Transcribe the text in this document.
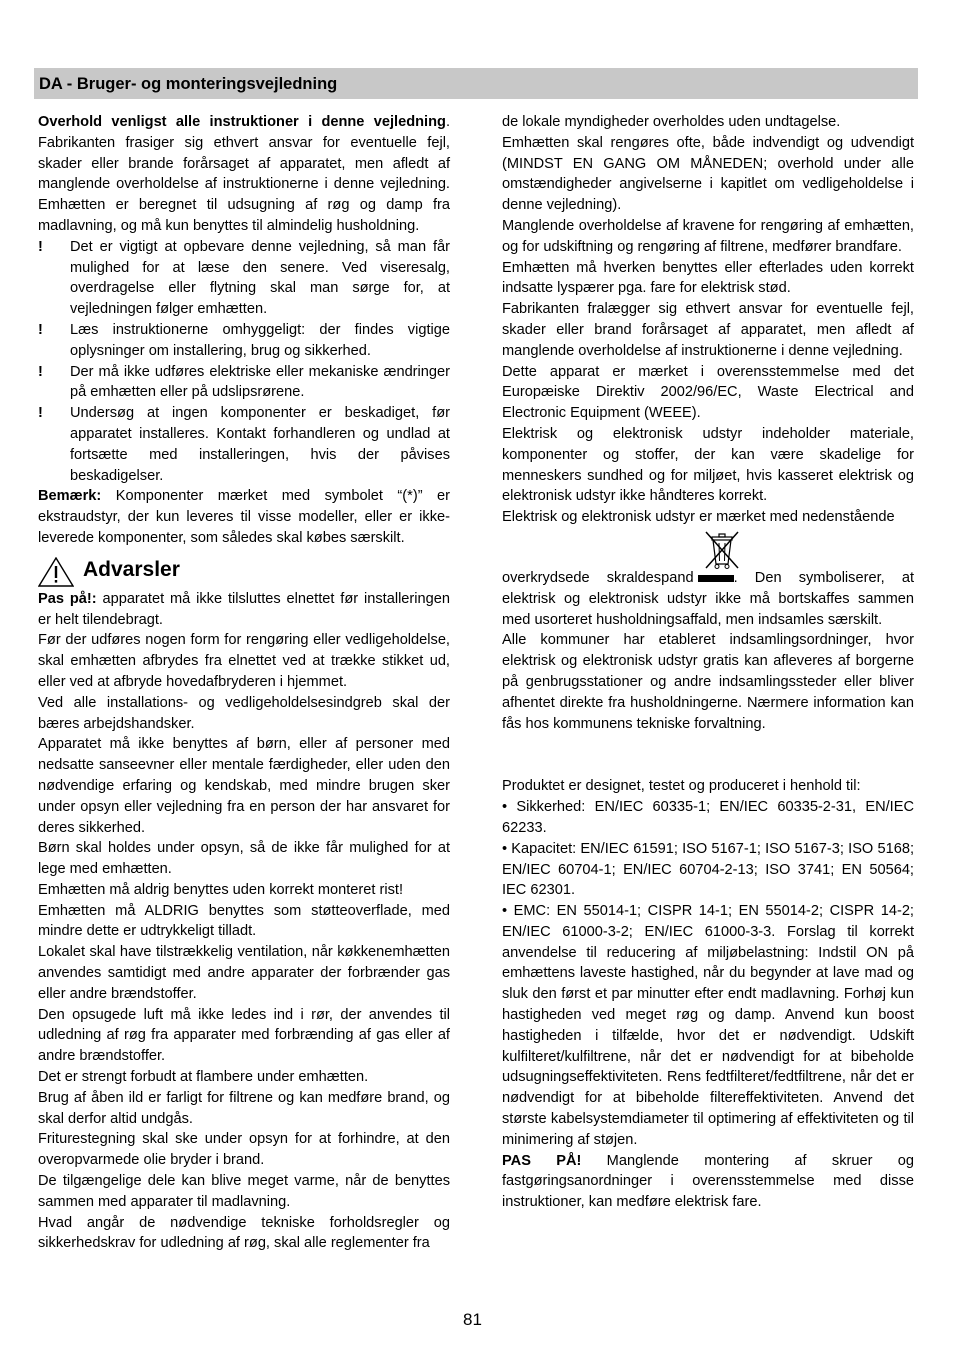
DA - Bruger- og monteringsvejledning

Overhold venligst alle instruktioner i denne vejledning. Fabrikanten frasiger sig ethvert ansvar for eventuelle fejl, skader eller brande forårsaget af apparatet, men afledt af manglende overholdelse af instruktionerne i denne vejledning. Emhætten er beregnet til udsugning af røg og damp fra madlavning, og må kun benyttes til almindelig husholdning.

! Det er vigtigt at opbevare denne vejledning, så man får mulighed for at læse den senere. Ved viseresalg, overdragelse eller flytning skal man sørge for, at vejledningen følger emhætten.

! Læs instruktionerne omhyggeligt: der findes vigtige oplysninger om installering, brug og sikkerhed.

! Der må ikke udføres elektriske eller mekaniske ændringer på emhætten eller på udslipsrørene.

! Undersøg at ingen komponenter er beskadiget, før apparatet installeres. Kontakt forhandleren og undlad at fortsætte med installeringen, hvis der påvises beskadigelser.

Bemærk: Komponenter mærket med symbolet “(*)” er ekstraudstyr, der kun leveres til visse modeller, eller er ikke-leverede komponenter, som således skal købes særskilt.

Advarsler

Pas på!: apparatet må ikke tilsluttes elnettet før installeringen er helt tilendebragt.

Før der udføres nogen form for rengøring eller vedligeholdelse, skal emhætten afbrydes fra elnettet ved at trække stikket ud, eller ved at afbryde hovedafbryderen i hjemmet.

Ved alle installations- og vedligeholdelsesindgreb skal der bæres arbejdshandsker.

Apparatet må ikke benyttes af børn, eller af personer med nedsatte sanseevner eller mentale færdigheder, eller uden den nødvendige erfaring og kendskab, med mindre brugen sker under opsyn eller vejledning fra en person der har ansvaret for deres sikkerhed.

Børn skal holdes under opsyn, så de ikke får mulighed for at lege med emhætten.

Emhætten må aldrig benyttes uden korrekt monteret rist!

Emhætten må ALDRIG benyttes som støtteoverflade, med mindre dette er udtrykkeligt tilladt.

Lokalet skal have tilstrækkelig ventilation, når køkkenemhætten anvendes samtidigt med andre apparater der forbrænder gas eller andre brændstoffer.

Den opsugede luft må ikke ledes ind i rør, der anvendes til udledning af røg fra apparater med forbrænding af gas eller af andre brændstoffer.

Det er strengt forbudt at flambere under emhætten.

Brug af åben ild er farligt for filtrene og kan medføre brand, og skal derfor altid undgås.

Friturestegning skal ske under opsyn for at forhindre, at den overopvarmede olie bryder i brand.

De tilgængelige dele kan blive meget varme, når de benyttes sammen med apparater til madlavning.

Hvad angår de nødvendige tekniske forholdsregler og sikkerhedskrav for udledning af røg, skal alle reglementer fra

de lokale myndigheder overholdes uden undtagelse.

Emhætten skal rengøres ofte, både indvendigt og udvendigt (MINDST EN GANG OM MÅNEDEN; overhold under alle omstændigheder angivelserne i kapitlet om vedligeholdelse i denne vejledning).

Manglende overholdelse af kravene for rengøring af emhætten, og for udskiftning og rengøring af filtrene, medfører brandfare.

Emhætten må hverken benyttes eller efterlades uden korrekt indsatte lyspærer pga. fare for elektrisk stød.

Fabrikanten fralægger sig ethvert ansvar for eventuelle fejl, skader eller brand forårsaget af apparatet, men afledt af manglende overholdelse af instruktionerne i denne vejledning.

Dette apparat er mærket i overensstemmelse med det Europæiske Direktiv 2002/96/EC, Waste Electrical and Electronic Equipment (WEEE).

Elektrisk og elektronisk udstyr indeholder materiale, komponenter og stoffer, der kan være skadelige for menneskers sundhed og for miljøet, hvis kasseret elektrisk og elektronisk udstyr ikke håndteres korrekt.

Elektrisk og elektronisk udstyr er mærket med nedenstående

overkrydsede skraldespand	. Den symboliserer, at elektrisk og elektronisk udstyr ikke må bortskaffes sammen med usorteret husholdningsaffald, men indsamles særskilt.

Alle kommuner har etableret indsamlingsordninger, hvor elektrisk og elektronisk udstyr gratis kan afleveres af borgerne på genbrugsstationer og andre indsamlingssteder eller bliver afhentet direkte fra husholdningerne. Nærmere information kan fås hos kommunens tekniske forvaltning.

Produktet er designet, testet og produceret i henhold til:

• Sikkerhed: EN/IEC 60335-1; EN/IEC 60335-2-31, EN/IEC 62233.

• Kapacitet: EN/IEC 61591; ISO 5167-1; ISO 5167-3; ISO 5168; EN/IEC 60704-1; EN/IEC 60704-2-13; ISO 3741; EN 50564; IEC 62301.

• EMC: EN 55014-1; CISPR 14-1; EN 55014-2; CISPR 14-2; EN/IEC 61000-3-2; EN/IEC 61000-3-3. Forslag til korrekt anvendelse til reducering af miljøbelastning: Indstil ON på emhættens laveste hastighed, når du begynder at lave mad og sluk den først et par minutter efter endt madlavning. Forhøj kun hastigheden ved meget røg og damp. Anvend kun boost hastigheden i tilfælde, hvor det er nødvendigt. Udskift kulfilteret/kulfiltrene, når det er nødvendigt for at bibeholde udsugningseffektiviteten. Rens fedtfilteret/fedtfiltrene, når det er nødvendigt for at bibeholde filtereffektiviteten. Anvend det største kabelsystemdiameter til optimering af effektiviteten og til minimering af støjen.

PAS PÅ! Manglende montering af skruer og fastgøringsanordninger i overensstemmelse med disse instruktioner, kan medføre elektrisk fare.

81
